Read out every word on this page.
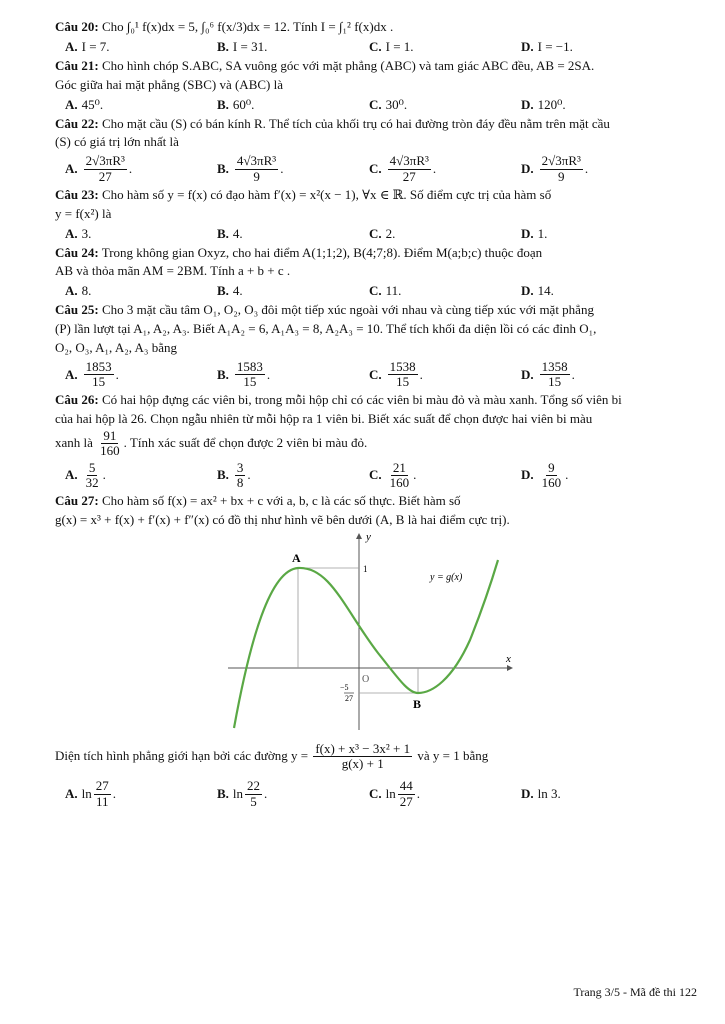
Câu 20: Cho ∫₀¹ f(x)dx = 5, ∫₀⁶ f(x/3)dx = 12. Tính I = ∫₁² f(x)dx .

A. I = 7.	B. I = 31.	C. I = 1.	D. I = −1.

Câu 21: Cho hình chóp S.ABC, SA vuông góc với mặt phẳng (ABC) và tam giác ABC đều, AB = 2SA.

Góc giữa hai mặt phẳng (SBC) và (ABC) là

A. 45⁰.	B. 60⁰.	C. 30⁰.	D. 120⁰.

Câu 22: Cho mặt cầu (S) có bán kính R. Thể tích của khối trụ có hai đường tròn đáy đều nằm trên mặt cầu

(S) có giá trị lớn nhất là

A. $\frac{\text{2√3πR³}}{27}$ .	B. $\frac{\text{4√3πR³}}{9}$ .	C. $\frac{\text{4√3πR³}}{27}$ .	D. $\frac{\text{2√3πR³}}{9}$ .

Câu 23: Cho hàm số y = f(x) có đạo hàm f′(x) = x²(x − 1), ∀x ∈ ℝ. Số điểm cực trị của hàm số

y = f(x²) là

A. 3.	B. 4.	C. 2.	D. 1.

Câu 24: Trong không gian Oxyz, cho hai điểm A(1;1;2), B(4;7;8). Điểm M(a;b;c) thuộc đoạn

AB và thỏa mãn AM = 2BM. Tính a + b + c .

A. 8.	B. 4.	C. 11.	D. 14.

Câu 25: Cho 3 mặt cầu tâm O₁, O₂, O₃ đôi một tiếp xúc ngoài với nhau và cùng tiếp xúc với mặt phẳng

(P) lần lượt tại A₁, A₂, A₃. Biết A₁A₂ = 6, A₁A₃ = 8, A₂A₃ = 10. Thể tích khối đa diện lồi có các đỉnh O₁,

O₂, O₃, A₁, A₂, A₃ bằng

A. $\frac{1853}{15}$ .	B. $\frac{1583}{15}$ .	C. $\frac{1538}{15}$ .	D. $\frac{1358}{15}$ .

Câu 26: Có hai hộp đựng các viên bi, trong mỗi hộp chỉ có các viên bi màu đỏ và màu xanh. Tổng số viên bi

của hai hộp là 26. Chọn ngẫu nhiên từ mỗi hộp ra 1 viên bi. Biết xác suất để chọn được hai viên bi màu

xanh là $\frac{91}{160}$ . Tính xác suất để chọn được 2 viên bi màu đỏ.

A. $\frac{5}{32}$ .	B. $\frac{3}{8}$ .	C. $\frac{21}{160}$ .	D. $\frac{9}{160}$ .

Câu 27: Cho hàm số f(x) = ax² + bx + c với a, b, c là các số thực. Biết hàm số

g(x) = x³ + f(x) + f′(x) + f″(x) có đồ thị như hình vẽ bên dưới (A, B là hai điểm cực trị).

y
x
O
A
B
1
−5
27
y = g(x)

Diện tích hình phẳng giới hạn bởi các đường $y = \frac{\text{f(x) + x³ − 3x² + 1}}{g(x) + 1}$ và y = 1 bằng

A. $\ln \frac{27}{11}$ .	B. $\ln \frac{22}{5}$ .	C. $\ln \frac{44}{27}$ .	D. ln 3.
Trang 3/5 - Mã đề thi 122
